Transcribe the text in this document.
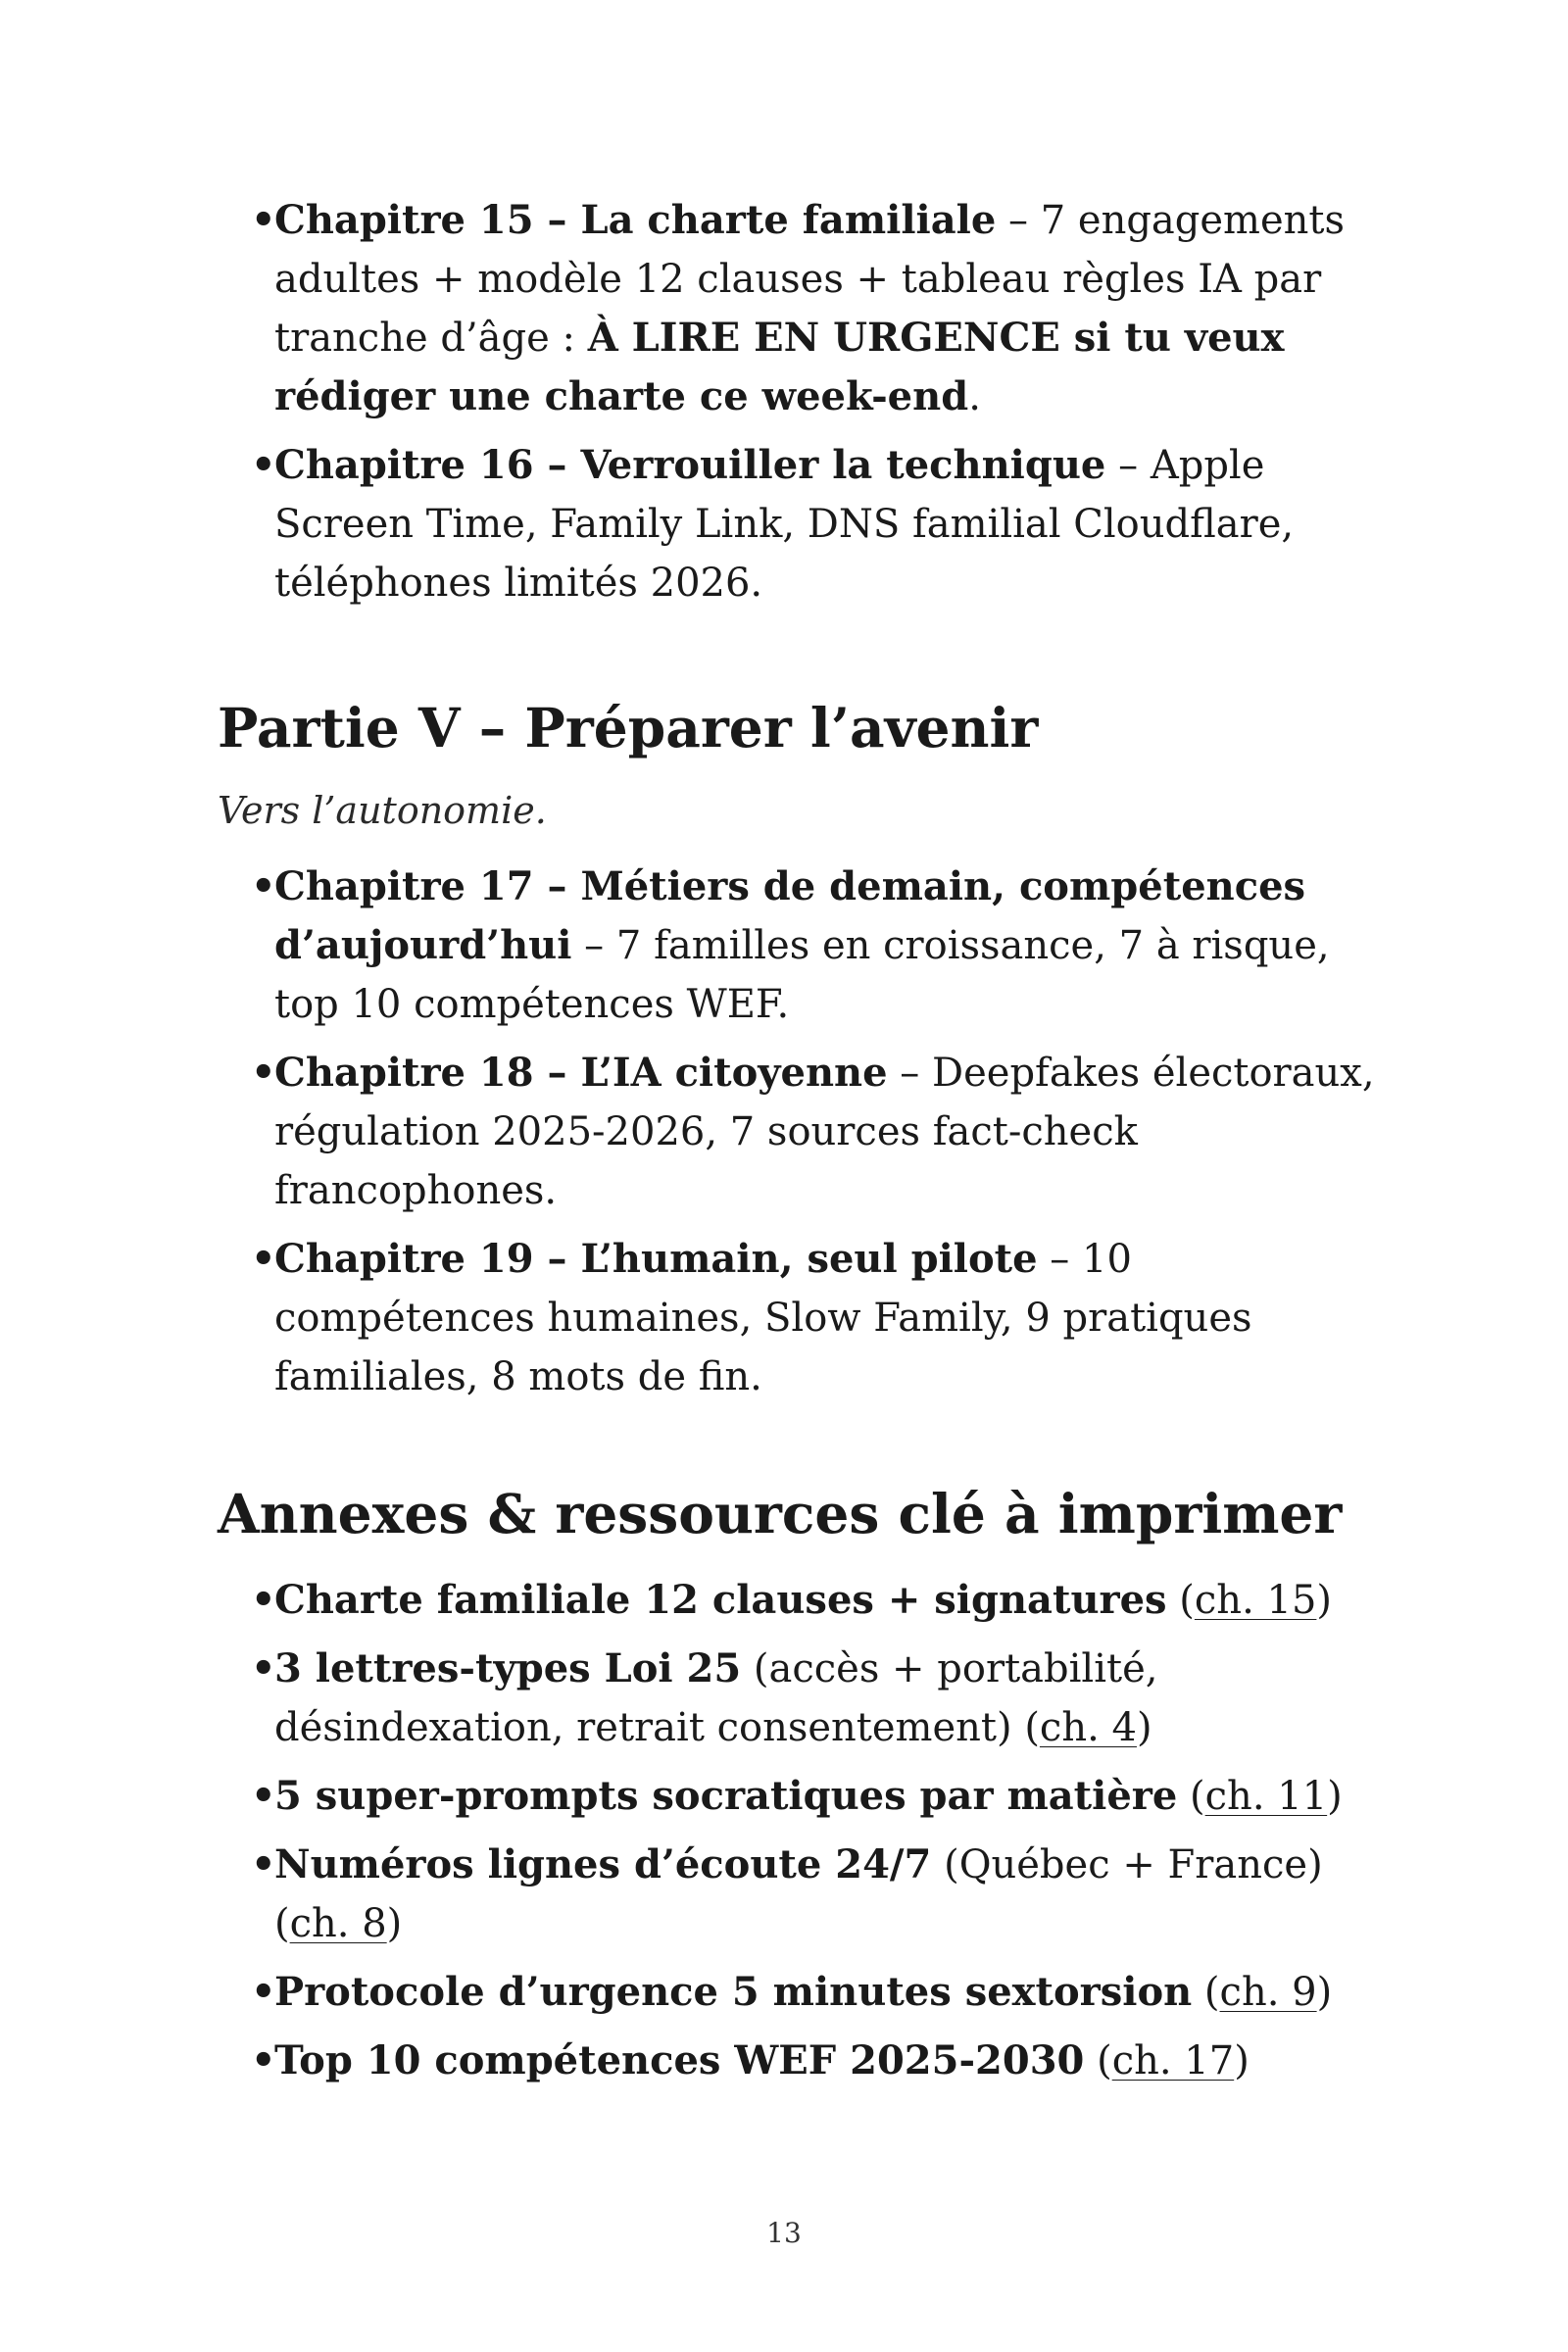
•
Chapitre 15 – La charte familiale – 7 engagements adultes + modèle 12 clauses + tableau règles IA par tranche d’âge : À LIRE EN URGENCE si tu veux rédiger une charte ce week-end.
•
Chapitre 16 – Verrouiller la technique – Apple Screen Time, Family Link, DNS familial Cloudflare, téléphones limités 2026.
Partie V – Préparer l’avenir

Vers l’autonomie.

•
Chapitre 17 – Métiers de demain, compétences d’aujourd’hui – 7 familles en croissance, 7 à risque, top 10 compétences WEF.
•
Chapitre 18 – L’IA citoyenne – Deepfakes électoraux, régulation 2025-2026, 7 sources fact-check francophones.
•
Chapitre 19 – L’humain, seul pilote – 10 compétences humaines, Slow Family, 9 pratiques familiales, 8 mots de fin.
Annexes & ressources clé à imprimer
•
Charte familiale 12 clauses + signatures (ch. 15)
•
3 lettres-types Loi 25 (accès + portabilité, désindexation, retrait consentement) (ch. 4)
•
5 super-prompts socratiques par matière (ch. 11)
•
Numéros lignes d’écoute 24/7 (Québec + France) (ch. 8)
•
Protocole d’urgence 5 minutes sextorsion (ch. 9)
•
Top 10 compétences WEF 2025-2030 (ch. 17)
13
